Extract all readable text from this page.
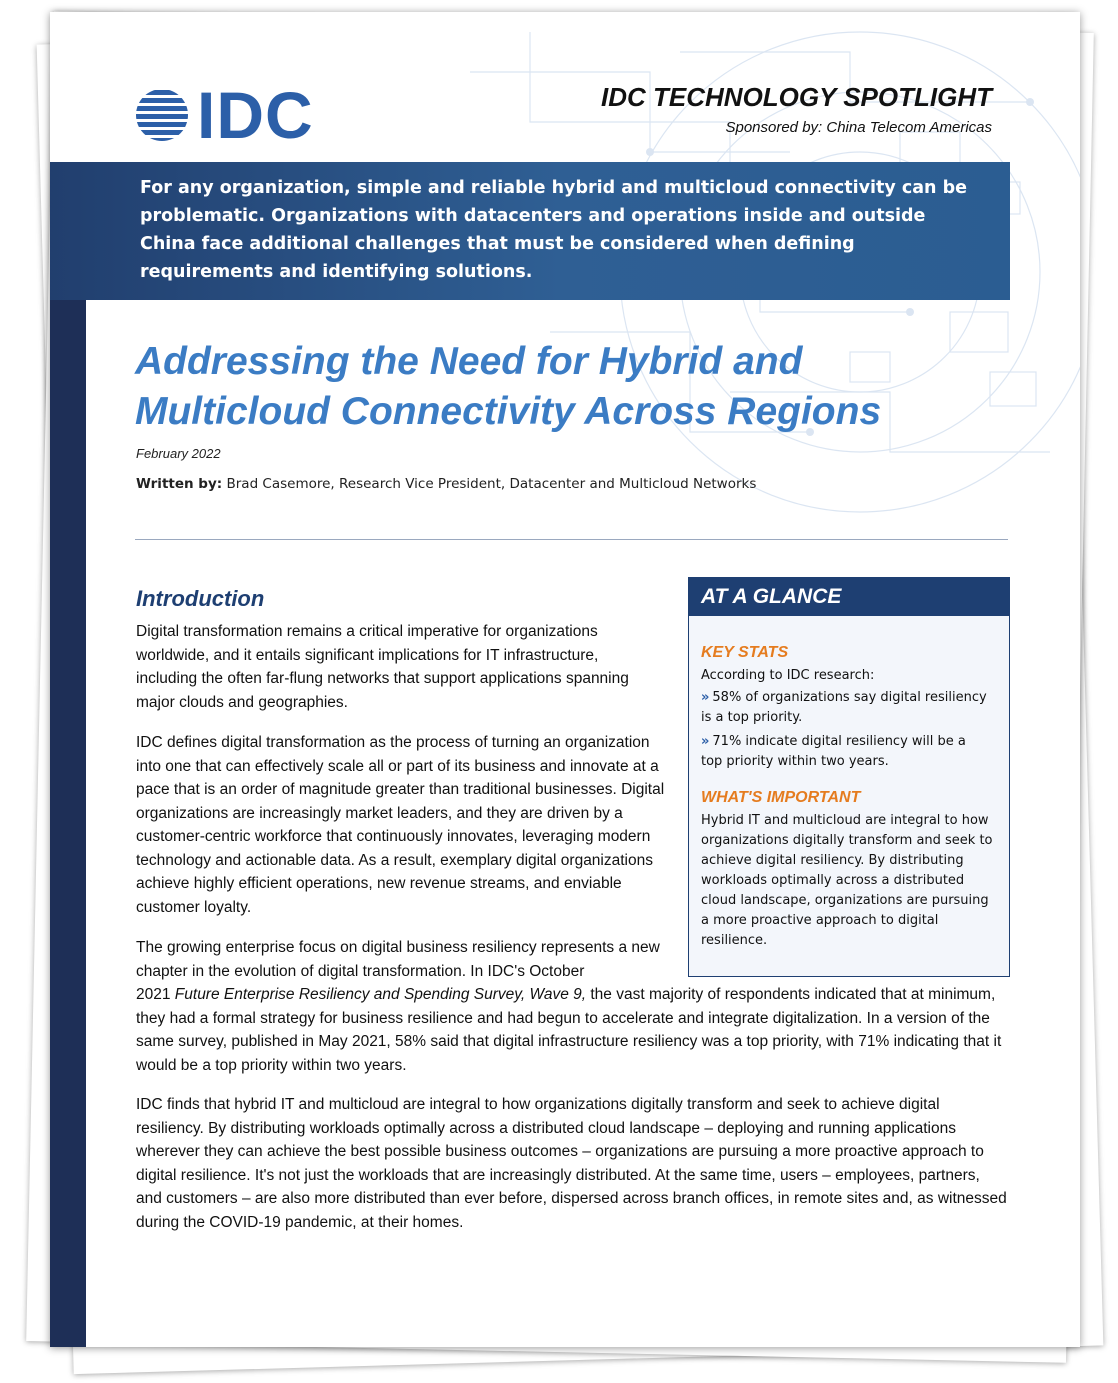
IDC	IDC TECHNOLOGY SPOTLIGHT
Sponsored by: China Telecom Americas

For any organization, simple and reliable hybrid and multicloud connectivity can be problematic. Organizations with datacenters and operations inside and outside China face additional challenges that must be considered when defining requirements and identifying solutions.

Addressing the Need for Hybrid and
Multicloud Connectivity Across Regions
February 2022
Written by: Brad Casemore, Research Vice President, Datacenter and Multicloud Networks
Introduction

Digital transformation remains a critical imperative for organizations worldwide, and it entails significant implications for IT infrastructure, including the often far-flung networks that support applications spanning major clouds and geographies.

IDC defines digital transformation as the process of turning an organization into one that can effectively scale all or part of its business and innovate at a pace that is an order of magnitude greater than traditional businesses. Digital organizations are increasingly market leaders, and they are driven by a customer-centric workforce that continuously innovates, leveraging modern technology and actionable data. As a result, exemplary digital organizations achieve highly efficient operations, new revenue streams, and enviable customer loyalty.

The growing enterprise focus on digital business resiliency represents a new chapter in the evolution of digital transformation. In IDC's October

2021 Future Enterprise Resiliency and Spending Survey, Wave 9, the vast majority of respondents indicated that at minimum, they had a formal strategy for business resilience and had begun to accelerate and integrate digitalization. In a version of the same survey, published in May 2021, 58% said that digital infrastructure resiliency was a top priority, with 71% indicating that it would be a top priority within two years.

IDC finds that hybrid IT and multicloud are integral to how organizations digitally transform and seek to achieve digital resiliency. By distributing workloads optimally across a distributed cloud landscape – deploying and running applications wherever they can achieve the best possible business outcomes – organizations are pursuing a more proactive approach to digital resilience. It's not just the workloads that are increasingly distributed. At the same time, users – employees, partners, and customers – are also more distributed than ever before, dispersed across branch offices, in remote sites and, as witnessed during the COVID-19 pandemic, at their homes.

AT A GLANCE
KEY STATS

According to IDC research:

» 58% of organizations say digital resiliency is a top priority.
» 71% indicate digital resiliency will be a top priority within two years.
WHAT'S IMPORTANT

Hybrid IT and multicloud are integral to how organizations digitally transform and seek to achieve digital resiliency. By distributing workloads optimally across a distributed cloud landscape, organizations are pursuing a more proactive approach to digital resilience.
